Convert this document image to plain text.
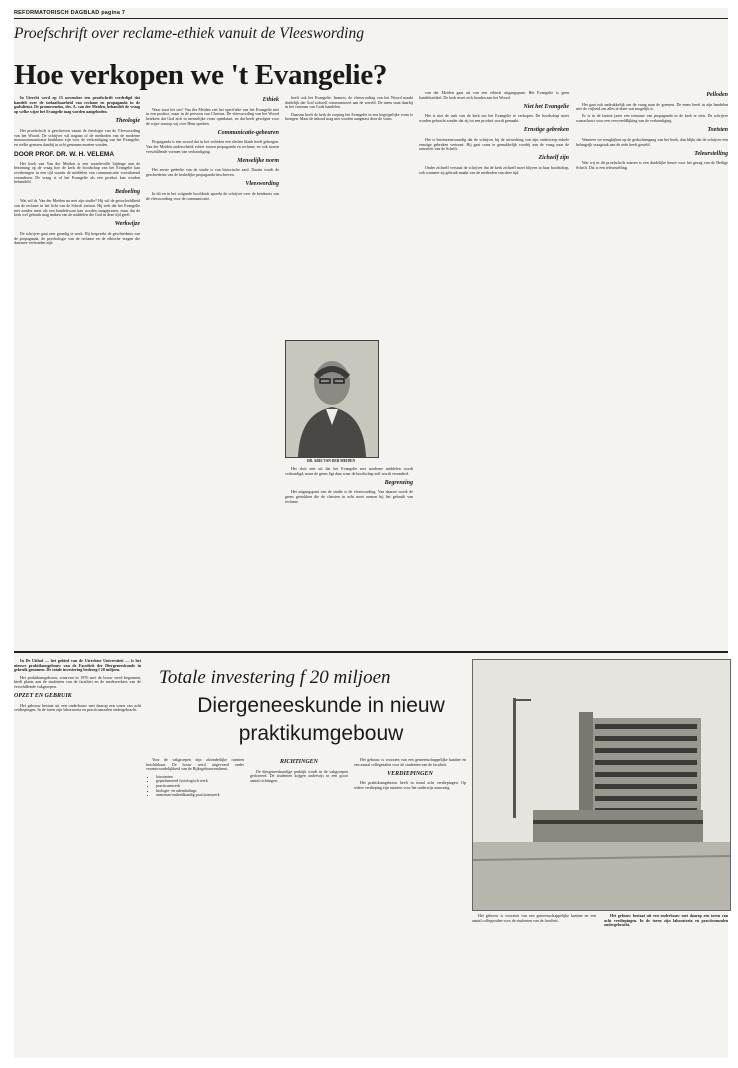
REFORMATORISCH DAGBLAD pagina 7
Proefschrift over reclame-ethiek vanuit de Vleeswording
Hoe verkopen we 't Evangelie?

In Utrecht werd op 15 november een proefschrift verdedigd dat handelt over de toelaatbaarheid van reclame en propaganda in de godsdienst. De promovendus, drs. A. van der Meiden, behandelt de vraag op welke wijze het Evangelie mag worden aangeboden.

Theologie

Het proefschrift is geschreven vanuit de theologie van de Vleeswording van het Woord. De schrijver wil nagaan of de methoden van de moderne massacommunicatie bruikbaar zijn voor de verkondiging van het Evangelie, en welke grenzen daarbij in acht genomen moeten worden.

DOOR PROF. DR. W. H. VELEMA

Het boek van Van der Meiden is een waardevolle bijdrage aan de bezinning op de vraag hoe de kerk de boodschap van het Evangelie kan overbrengen in een tijd waarin de middelen van communicatie voortdurend veranderen. De vraag is of het Evangelie als een product kan worden behandeld.

Bedoeling

Wat wil dr. Van der Meiden nu met zijn studie? Hij wil de geoorloofdheid van de reclame in het licht van de Schrift toetsen. Hij stelt dat het Evangelie niet zonder meer als een handelswaar kan worden aangeprezen, maar dat de kerk wel gebruik mag maken van de middelen die God in deze tijd geeft.

Werkwijze

De schrijver gaat zeer grondig te werk. Hij bespreekt de geschiedenis van de propaganda, de psychologie van de reclame en de ethische vragen die daarmee verbonden zijn.

Ethiek

Waar staat het om? Van der Meiden ziet het specifieke van het Evangelie niet in een product, maar in de persoon van Christus. De vleeswording van het Woord betekent dat God zich in menselijke vorm openbaart, en dat heeft gevolgen voor de wijze waarop wij over Hem spreken.

Communicatie-gebeuren

Propaganda is een woord dat in het verleden een slechte klank heeft gekregen. Van der Meiden onderscheidt echter tussen propaganda en reclame, en ook tussen verschillende vormen van verkondiging.

Menselijke norm

Het eerste gedeelte van de studie is van historische aard. Daarin wordt de geschiedenis van de kerkelijke propaganda beschreven.

Vleeswording

In dit en in het volgende hoofdstuk spreekt de schrijver over de betekenis van de vleeswording voor de communicatie.

heeft ook het Evangelie. Immers, de vleeswording van het Woord maakt duidelijk dat God zichzelf communiceert aan de wereld. De mens staat daarbij in het centrum van Gods handelen.

Daarom heeft de kerk de roeping het Evangelie in een begrijpelijke vorm te brengen. Maar de inhoud mag niet worden aangetast door de vorm.

DR. ARIE VAN DER MEIDEN

Het sluit niet uit dat het Evangelie met moderne middelen wordt verkondigd, maar de grens ligt daar waar de boodschap zelf wordt veranderd.

Begrenzing

Het uitgangspunt van de studie is de vleeswording. Van daaruit wordt de grens getrokken die de christen in acht moet nemen bij het gebruik van reclame.

van der Meiden gaat uit van een ethisch uitgangspunt. Het Evangelie is geen handelsartikel. De kerk moet zich houden aan het Woord.

Niet het Evangelie

Het is niet de taak van de kerk om het Evangelie te verkopen. De boodschap moet worden gebracht zonder dat zij tot een product wordt gemaakt.

Ernstige gebreken

Het is betreurenswaardig dat de schrijver bij de uitwerking van zijn onderwerp enkele ernstige gebreken vertoont. Hij gaat soms te gemakkelijk voorbij aan de vraag naar de autoriteit van de Schrift.

Zichzelf zijn

Onder zichzelf verstaat de schrijver dat de kerk zichzelf moet blijven in haar boodschap, ook wanneer zij gebruik maakt van de methoden van deze tijd.

Pelloden

Het gaat ook nadrukkelijk om de vraag naar de grenzen. De mens heeft in zijn handelen niet de vrijheid om alles te doen wat mogelijk is.

Er is in de laatste jaren een toename van propaganda in de kerk te zien. De schrijver waarschuwt voor een verwereldlijking van de verkondiging.

Toetsten

Wanneer we terugkijken op de gedachtengang van het boek, dan blijkt dat de schrijver een belangrijk vraagstuk aan de orde heeft gesteld.

Teleurstelling

Wat wij in dit proefschrift missen is een duidelijke keuze voor het gezag van de Heilige Schrift. Dat is een teleurstelling.

In De Uithof — het gebied van de Utrechtse Universiteit — is het nieuwe praktikumgebouw van de Faculteit der Diergeneeskunde in gebruik genomen. De totale investering bedroeg f 20 miljoen.

Het praktikumgebouw, waarvan in 1976 met de bouw werd begonnen, biedt plaats aan de studenten van de faculteit en de medewerkers van de verschillende vakgroepen.

OPZET EN GEBRUIK

Het gebouw bestaat uit een onderbouw met daarop een toren van acht verdiepingen. In de toren zijn laboratoria en practicumzalen ondergebracht.

Totale investering f 20 miljoen
Diergeneeskunde in nieuw praktikumgebouw

Voor de vakgroepen zijn afzonderlijke ruimten beschikbaar. De bouw werd uitgevoerd onder verantwoordelijkheid van de Rijksgebouwendienst.

• lotruimten
• geparfumeerd fysiologisch werk
• practicumwerk
• biologie- en ademhalings
• anatomie/ontleedkundig practicumwerk

RICHTINGEN

De diergeneeskundige praktijk wordt in de vakgroepen gedoceerd. De studenten krijgen onderwijs in een groot aantal richtingen.

Het gebouw is voorzien van een gemeenschappelijke kantine en een aantal collegezalen voor de studenten van de faculteit.

VERDIEPINGEN

Het praktikumgebouw heeft in totaal acht verdiepingen. Op iedere verdieping zijn ruimten voor het onderwijs aanwezig.

Het gebouw is voorzien van een gemeenschappelijke kantine en een aantal collegezalen voor de studenten van de faculteit.

Het gebouw bestaat uit een onderbouw met daarop een toren van acht verdiepingen. In de toren zijn laboratoria en practicumzalen ondergebracht.
